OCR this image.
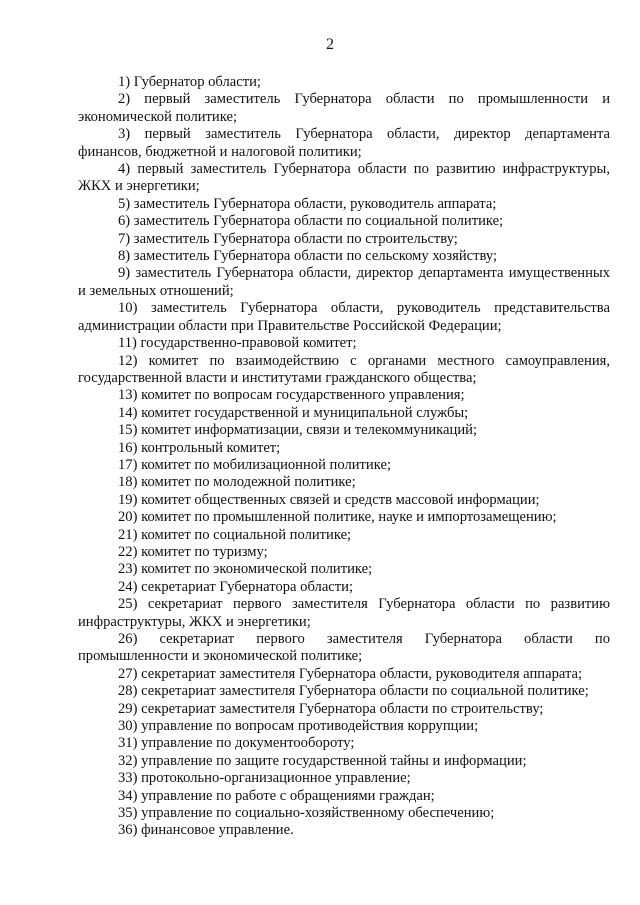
2

1) Губернатор области;

2) первый заместитель Губернатора области по промышленности и экономической политике;

3) первый заместитель Губернатора области, директор департамента финансов, бюджетной и налоговой политики;

4) первый заместитель Губернатора области по развитию инфраструктуры, ЖКХ и энергетики;

5) заместитель Губернатора области, руководитель аппарата;

6) заместитель Губернатора области по социальной политике;

7) заместитель Губернатора области по строительству;

8) заместитель Губернатора области по сельскому хозяйству;

9) заместитель Губернатора области, директор департамента имущественных и земельных отношений;

10) заместитель Губернатора области, руководитель представительства администрации области при Правительстве Российской Федерации;

11) государственно-правовой комитет;

12) комитет по взаимодействию с органами местного самоуправления, государственной власти и институтами гражданского общества;

13) комитет по вопросам государственного управления;

14) комитет государственной и муниципальной службы;

15) комитет информатизации, связи и телекоммуникаций;

16) контрольный комитет;

17) комитет по мобилизационной политике;

18) комитет по молодежной политике;

19) комитет общественных связей и средств массовой информации;

20) комитет по промышленной политике, науке и импортозамещению;

21) комитет по социальной политике;

22) комитет по туризму;

23) комитет по экономической политике;

24) секретариат Губернатора области;

25) секретариат первого заместителя Губернатора области по развитию инфраструктуры, ЖКХ и энергетики;

26) секретариат первого заместителя Губернатора области по промышленности и экономической политике;

27) секретариат заместителя Губернатора области, руководителя аппарата;

28) секретариат заместителя Губернатора области по социальной политике;

29) секретариат заместителя Губернатора области по строительству;

30) управление по вопросам противодействия коррупции;

31) управление по документообороту;

32) управление по защите государственной тайны и информации;

33) протокольно-организационное управление;

34) управление по работе с обращениями граждан;

35) управление по социально-хозяйственному обеспечению;

36) финансовое управление.
